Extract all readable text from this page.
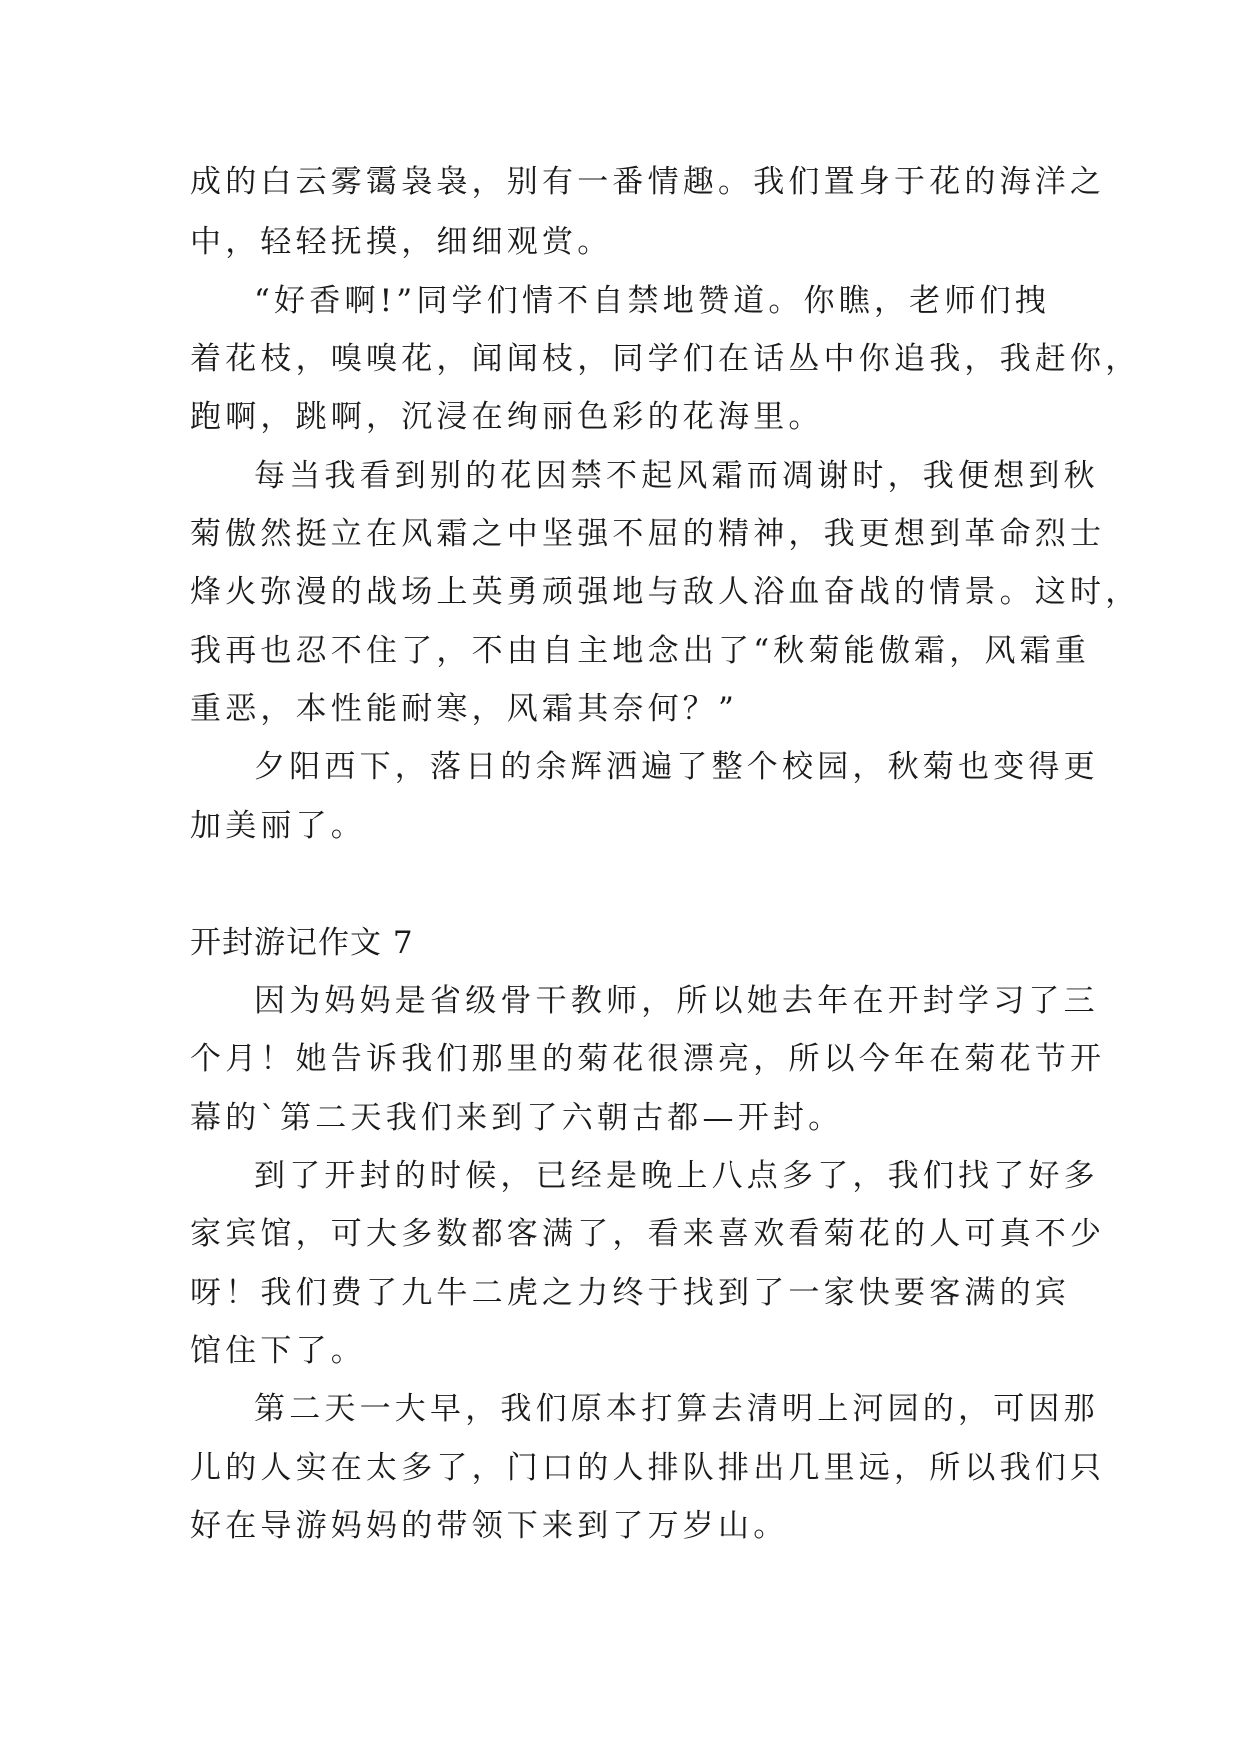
成的白云雾霭袅袅，别有一番情趣。我们置身于花的海洋之
中，轻轻抚摸，细细观赏。
“好香啊!”同学们情不自禁地赞道。你瞧，老师们拽
着花枝，嗅嗅花，闻闻枝，同学们在话丛中你追我，我赶你，
跑啊，跳啊，沉浸在绚丽色彩的花海里。
每当我看到别的花因禁不起风霜而凋谢时，我便想到秋
菊傲然挺立在风霜之中坚强不屈的精神，我更想到革命烈士
烽火弥漫的战场上英勇顽强地与敌人浴血奋战的情景。这时，
我再也忍不住了，不由自主地念出了“秋菊能傲霜，风霜重
重恶，本性能耐寒，风霜其奈何？”
夕阳西下，落日的余辉洒遍了整个校园，秋菊也变得更
加美丽了。
开封游记作文 7
因为妈妈是省级骨干教师，所以她去年在开封学习了三
个月！她告诉我们那里的菊花很漂亮，所以今年在菊花节开
幕的`第二天我们来到了六朝古都—开封。
到了开封的时候，已经是晚上八点多了，我们找了好多
家宾馆，可大多数都客满了，看来喜欢看菊花的人可真不少
呀！我们费了九牛二虎之力终于找到了一家快要客满的宾
馆住下了。
第二天一大早，我们原本打算去清明上河园的，可因那
儿的人实在太多了，门口的人排队排出几里远，所以我们只
好在导游妈妈的带领下来到了万岁山。
